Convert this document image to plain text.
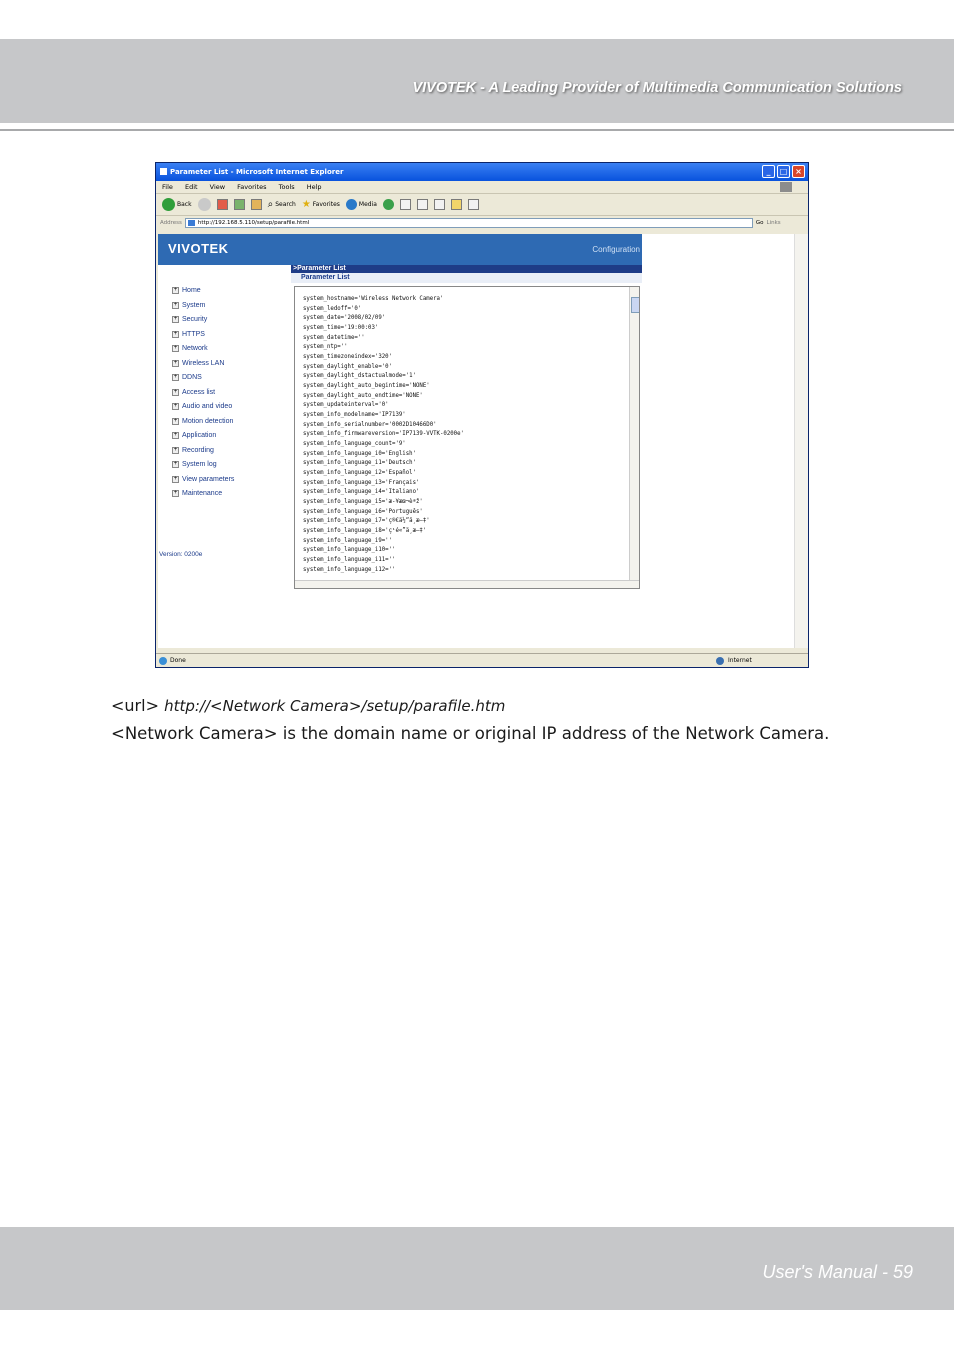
VIVOTEK - A Leading Provider of Multimedia Communication Solutions
Parameter List - Microsoft Internet Explorer	_	□ ×
File Edit View Favorites Tools Help
Back	⌕ Search ★ Favorites	Media
Address	http://192.168.5.110/setup/parafile.html	Go Links
VIVOTEK	Configuration
+ Home
+ System
+ Security
+ HTTPS
+ Network
+ Wireless LAN
+ DDNS
+ Access list
+ Audio and video
+ Motion detection
+ Application
+ Recording
+ System log
+ View parameters
+ Maintenance
Version: 0200e
>Parameter List
Parameter List
system_hostname='Wireless Network Camera'
system_ledoff='0'
system_date='2008/02/09'
system_time='19:00:03'
system_datetime=''
system_ntp=''
system_timezoneindex='320'
system_daylight_enable='0'
system_daylight_dstactualmode='1'
system_daylight_auto_begintime='NONE'
system_daylight_auto_endtime='NONE'
system_updateinterval='0'
system_info_modelname='IP7139'
system_info_serialnumber='0002D10466D0'
system_info_firmwareversion='IP7139-VVTK-0200e'
system_info_language_count='9'
system_info_language_i0='English'
system_info_language_i1='Deutsch'
system_info_language_i2='Español'
system_info_language_i3='Français'
system_info_language_i4='Italiano'
system_info_language_i5='æ-¥æœ¬èªž'
system_info_language_i6='Português'
system_info_language_i7='ç®€ä½“ä¸æ–‡'
system_info_language_i8='ç¹é«”ä¸æ–‡'
system_info_language_i9=''
system_info_language_i10=''
system_info_language_i11=''
system_info_language_i12=''
Done	Internet
<url> http://<Network Camera>/setup/parafile.htm
<Network Camera> is the domain name or original IP address of the Network Camera.
User's Manual - 59
